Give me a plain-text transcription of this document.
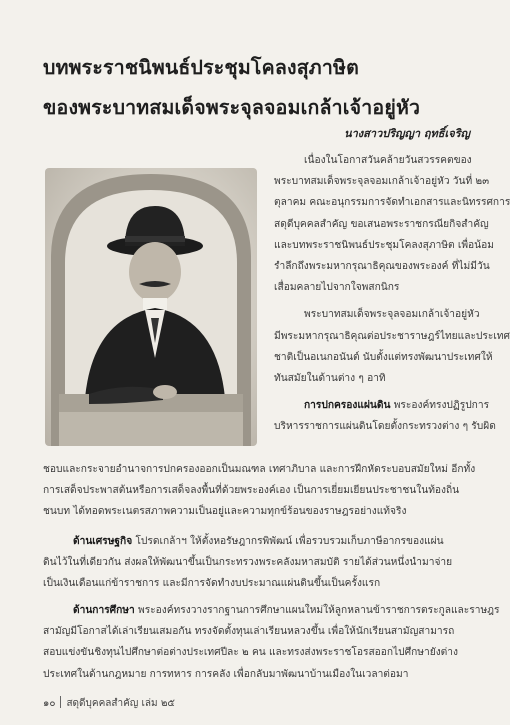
บทพระราชนิพนธ์ประชุมโคลงสุภาษิต
ของพระบาทสมเด็จพระจุลจอมเกล้าเจ้าอยู่หัว
นางสาวปริญญา ฤทธิ์เจริญ
เนื่องในโอกาสวันคล้ายวันสวรรคตของ
พระบาทสมเด็จพระจุลจอมเกล้าเจ้าอยู่หัว วันที่ ๒๓
ตุลาคม คณะอนุกรรมการจัดทำเอกสารและนิทรรศการ
สดุดีบุคคลสำคัญ ขอเสนอพระราชกรณียกิจสำคัญ
และบทพระราชนิพนธ์ประชุมโคลงสุภาษิต เพื่อน้อม
รำลึกถึงพระมหากรุณาธิคุณของพระองค์ ที่ไม่มีวัน
เสื่อมคลายไปจากใจพสกนิกร
พระบาทสมเด็จพระจุลจอมเกล้าเจ้าอยู่หัว
มีพระมหากรุณาธิคุณต่อประชาราษฎร์ไทยและประเทศ
ชาติเป็นอเนกอนันต์ นับตั้งแต่ทรงพัฒนาประเทศให้
ทันสมัยในด้านต่าง ๆ อาทิ
การปกครองแผ่นดิน พระองค์ทรงปฏิรูปการ
บริหารราชการแผ่นดินโดยตั้งกระทรวงต่าง ๆ รับผิด
ชอบและกระจายอำนาจการปกครองออกเป็นมณฑล เทศาภิบาล และการฝึกหัดระบอบสมัยใหม่ อีกทั้ง
การเสด็จประพาสต้นหรือการเสด็จลงพื้นที่ด้วยพระองค์เอง เป็นการเยี่ยมเยียนประชาชนในท้องถิ่น
ชนบท ได้ทอดพระเนตรสภาพความเป็นอยู่และความทุกข์ร้อนของราษฎรอย่างแท้จริง
ด้านเศรษฐกิจ โปรดเกล้าฯ ให้ตั้งหอรัษฎากรพิพัฒน์ เพื่อรวบรวมเก็บภาษีอากรของแผ่น
ดินไว้ในที่เดียวกัน ส่งผลให้พัฒนาขึ้นเป็นกระทรวงพระคลังมหาสมบัติ รายได้ส่วนหนึ่งนำมาจ่าย
เป็นเงินเดือนแก่ข้าราชการ และมีการจัดทำงบประมาณแผ่นดินขึ้นเป็นครั้งแรก
ด้านการศึกษา พระองค์ทรงวางรากฐานการศึกษาแผนใหม่ให้ลูกหลานข้าราชการตระกูลและราษฎร
สามัญมีโอกาสได้เล่าเรียนเสมอกัน ทรงจัดตั้งทุนเล่าเรียนหลวงขึ้น เพื่อให้นักเรียนสามัญสามารถ
สอบแข่งขันชิงทุนไปศึกษาต่อต่างประเทศปีละ ๒ คน และทรงส่งพระราชโอรสออกไปศึกษายังต่าง
ประเทศในด้านกฎหมาย การทหาร การคลัง เพื่อกลับมาพัฒนาบ้านเมืองในเวลาต่อมา
๑๐ สดุดีบุคคลสำคัญ เล่ม ๒๕
